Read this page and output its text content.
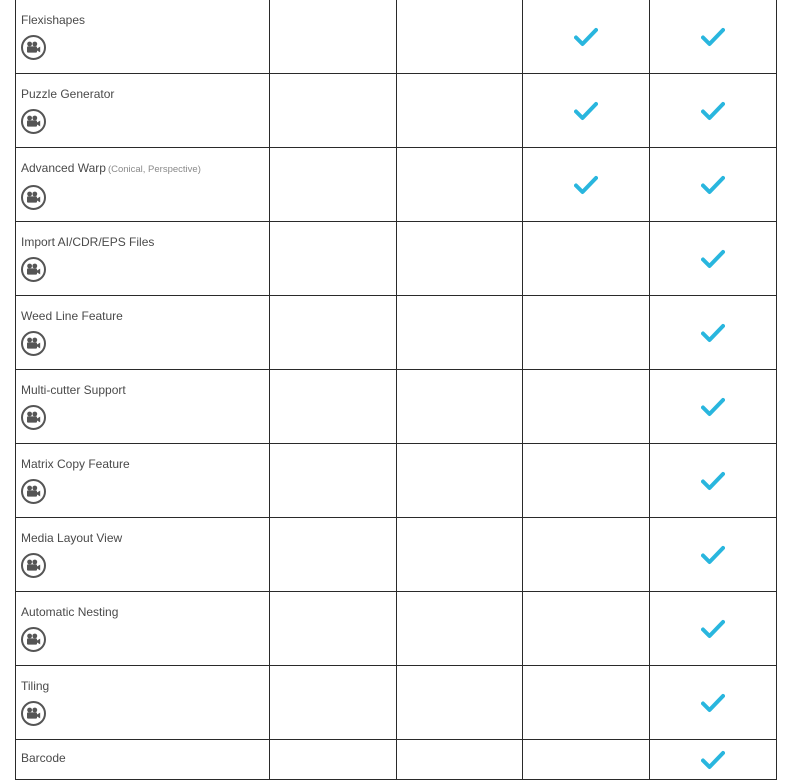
Flexishapes
Puzzle Generator
Advanced Warp (Conical, Perspective)
Import AI/CDR/EPS Files
Weed Line Feature
Multi-cutter Support
Matrix Copy Feature
Media Layout View
Automatic Nesting
Tiling
Barcode
